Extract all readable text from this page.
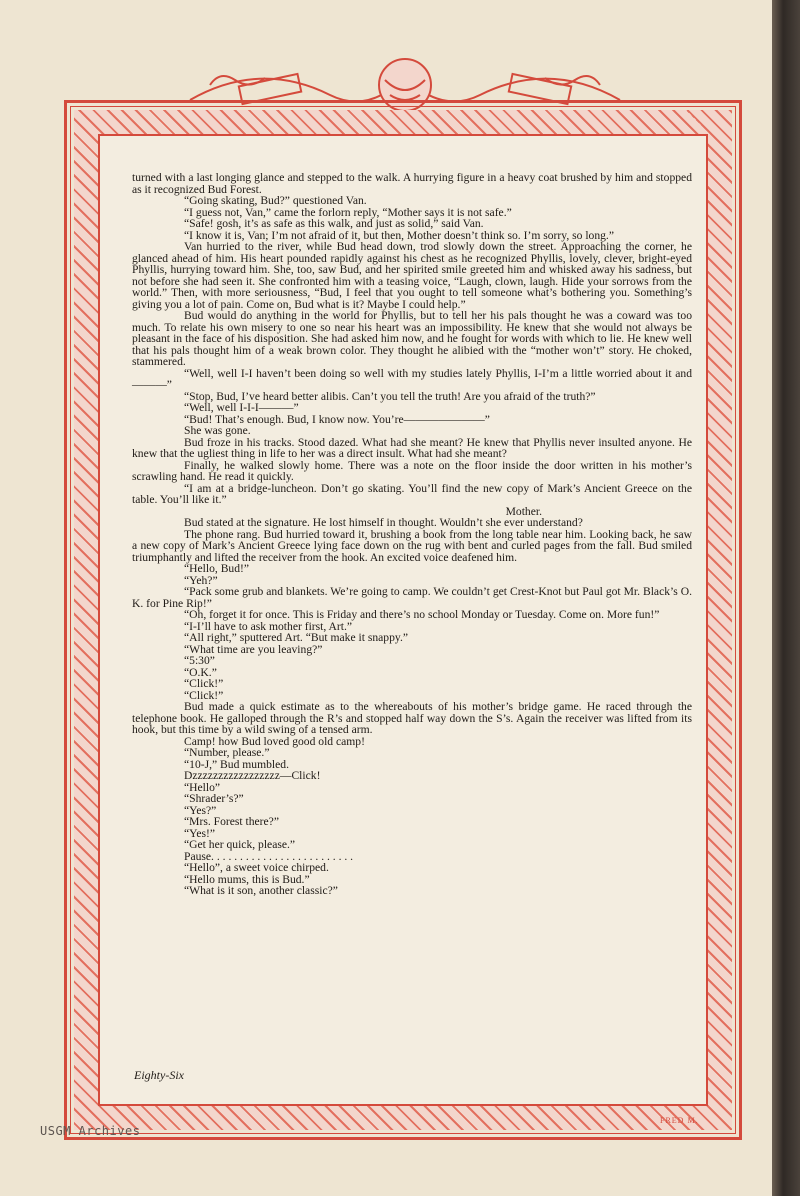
turned with a last longing glance and stepped to the walk. A hurrying figure in a heavy coat brushed by him and stopped as it recognized Bud Forest.

“Going skating, Bud?” questioned Van.

“I guess not, Van,” came the forlorn reply, “Mother says it is not safe.”

“Safe! gosh, it’s as safe as this walk, and just as solid,” said Van.

“I know it is, Van; I’m not afraid of it, but then, Mother doesn’t think so. I’m sorry, so long.”

Van hurried to the river, while Bud head down, trod slowly down the street. Approaching the corner, he glanced ahead of him. His heart pounded rapidly against his chest as he recognized Phyllis, lovely, clever, bright-eyed Phyllis, hurrying toward him. She, too, saw Bud, and her spirited smile greeted him and whisked away his sadness, but not before she had seen it. She confronted him with a teasing voice, “Laugh, clown, laugh. Hide your sorrows from the world.” Then, with more seriousness, “Bud, I feel that you ought to tell someone what’s bothering you. Something’s giving you a lot of pain. Come on, Bud what is it? Maybe I could help.”

Bud would do anything in the world for Phyllis, but to tell her his pals thought he was a coward was too much. To relate his own misery to one so near his heart was an impossibility. He knew that she would not always be pleasant in the face of his disposition. She had asked him now, and he fought for words with which to lie. He knew well that his pals thought him of a weak brown color. They thought he alibied with the “mother won’t” story. He choked, stammered.

“Well, well I-I haven’t been doing so well with my studies lately Phyllis, I-I’m a little worried about it and———”

“Stop, Bud, I’ve heard better alibis. Can’t you tell the truth! Are you afraid of the truth?”

“Well, well I-I-I———”

“Bud! That’s enough. Bud, I know now. You’re———————”

She was gone.

Bud froze in his tracks. Stood dazed. What had she meant? He knew that Phyllis never insulted anyone. He knew that the ugliest thing in life to her was a direct insult. What had she meant?

Finally, he walked slowly home. There was a note on the floor inside the door written in his mother’s scrawling hand. He read it quickly.

“I am at a bridge-luncheon. Don’t go skating. You’ll find the new copy of Mark’s Ancient Greece on the table. You’ll like it.”

Mother.

Bud stated at the signature. He lost himself in thought. Wouldn’t she ever understand?

The phone rang. Bud hurried toward it, brushing a book from the long table near him. Looking back, he saw a new copy of Mark’s Ancient Greece lying face down on the rug with bent and curled pages from the fall. Bud smiled triumphantly and lifted the receiver from the hook. An excited voice deafened him.

“Hello, Bud!”

“Yeh?”

“Pack some grub and blankets. We’re going to camp. We couldn’t get Crest-Knot but Paul got Mr. Black’s O. K. for Pine Rip!”

“Oh, forget it for once. This is Friday and there’s no school Monday or Tuesday. Come on. More fun!”

“I-I’ll have to ask mother first, Art.”

“All right,” sputtered Art. “But make it snappy.”

“What time are you leaving?”

“5:30”

“O.K.”

“Click!”

“Click!”

Bud made a quick estimate as to the whereabouts of his mother’s bridge game. He raced through the telephone book. He galloped through the R’s and stopped half way down the S’s. Again the receiver was lifted from its hook, but this time by a wild swing of a tensed arm.

Camp! how Bud loved good old camp!

“Number, please.”

“10-J,” Bud mumbled.

Dzzzzzzzzzzzzzzzzz—Click!

“Hello”

“Shrader’s?”

“Yes?”

“Mrs. Forest there?”

“Yes!”

“Get her quick, please.”

Pause. . . . . . . . . . . . . . . . . . . . . . . . .

“Hello”, a sweet voice chirped.

“Hello mums, this is Bud.”

“What is it son, another classic?”

Eighty-Six
FRED M.
USGM Archives
